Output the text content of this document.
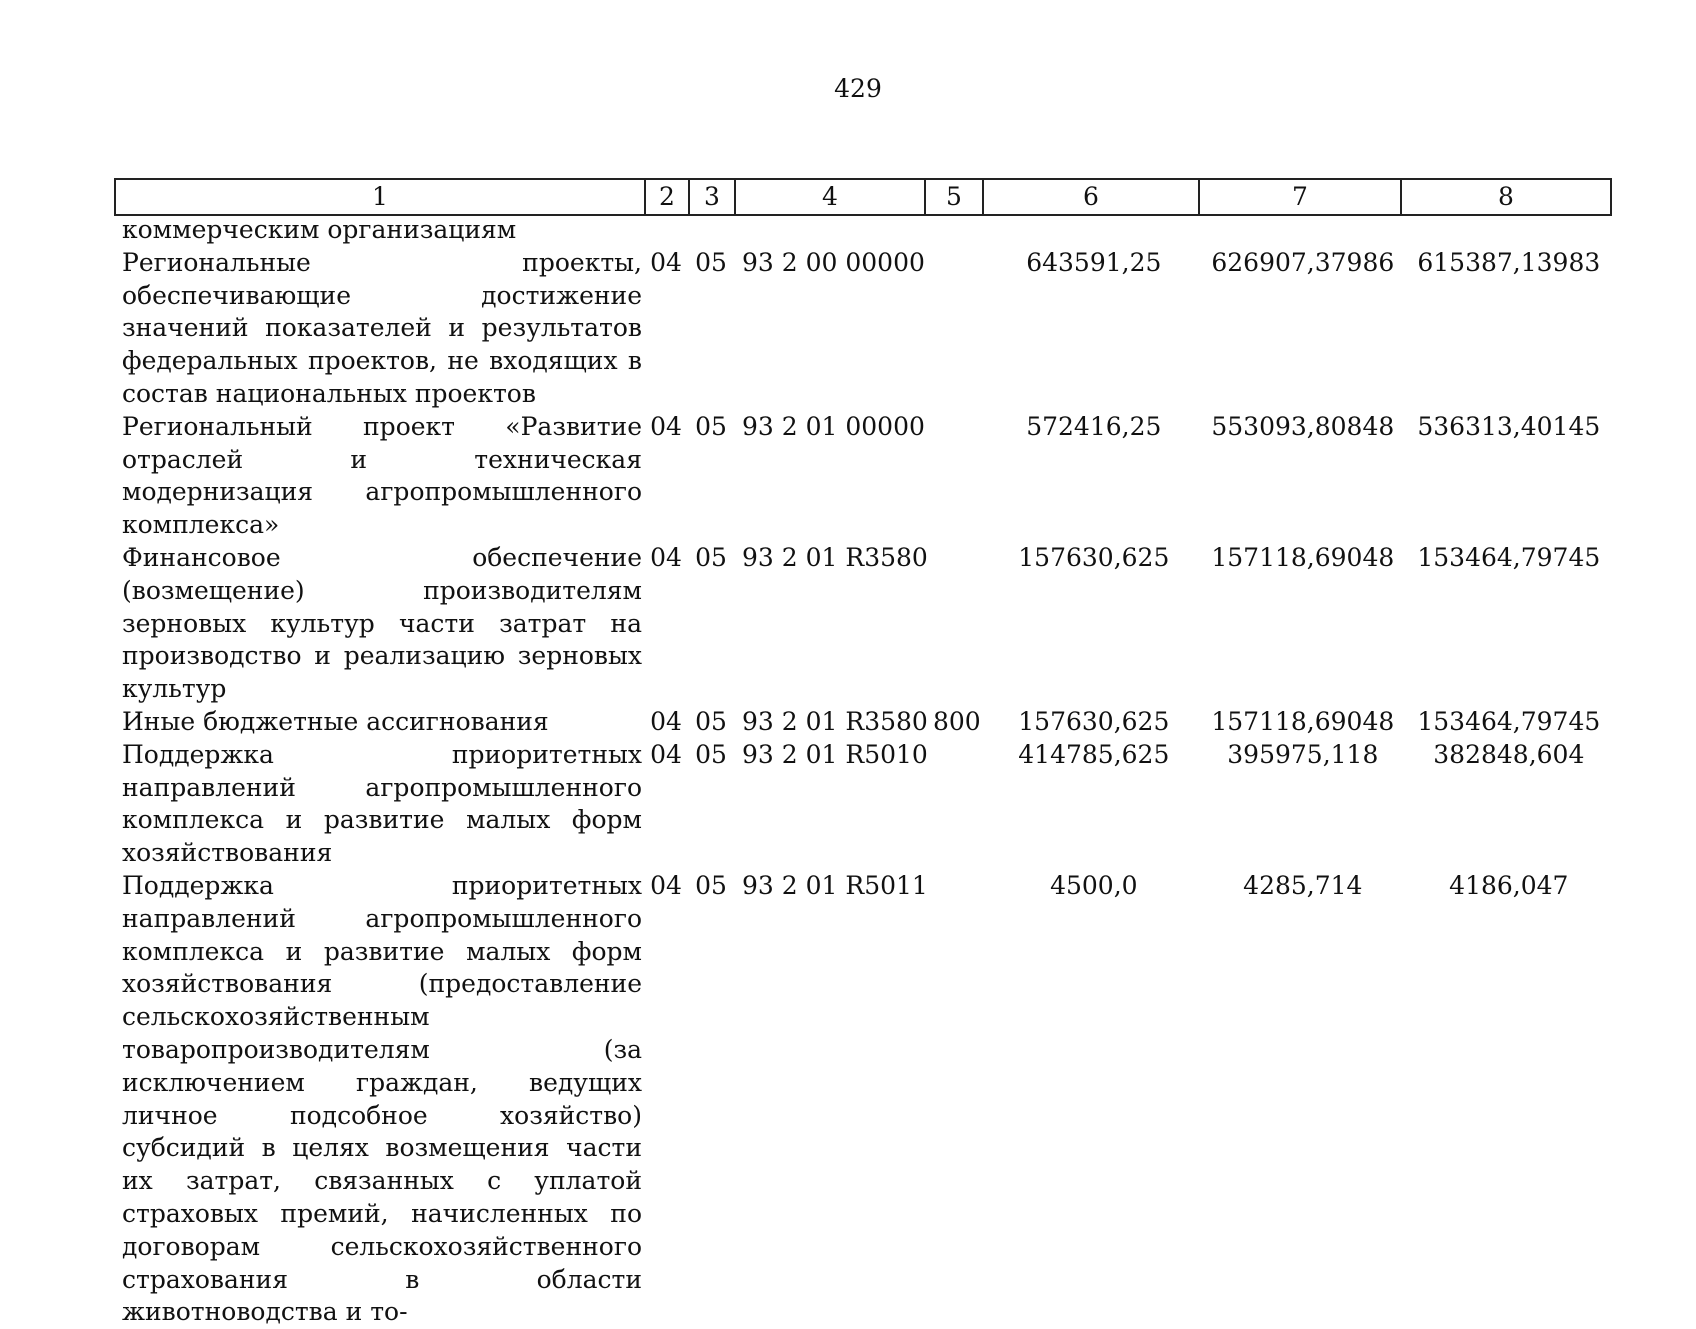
429
1	2	3	4	5	6	7	8
коммерческим организациям							
Региональные проекты, обеспечивающие достижение значений показателей и результатов федеральных проектов, не входящих в состав национальных проектов	04	05	93 2 00 00000		643591,25	626907,37986	615387,13983
Региональный проект «Развитие отраслей и техническая модернизация агропромышленного комплекса»	04	05	93 2 01 00000		572416,25	553093,80848	536313,40145
Финансовое обеспечение (возмещение) производителям зерновых культур части затрат на производство и реализацию зерновых культур	04	05	93 2 01 R3580		157630,625	157118,69048	153464,79745
Иные бюджетные ассигнования	04	05	93 2 01 R3580	800	157630,625	157118,69048	153464,79745
Поддержка приоритетных направлений агропромышленного комплекса и развитие малых форм хозяйствования	04	05	93 2 01 R5010		414785,625	395975,118	382848,604
Поддержка приоритетных направлений агропромышленного комплекса и развитие малых форм хозяйствования (предоставление сельскохозяйственным товаропроизводителям (за исключением граждан, ведущих личное подсобное хозяйство) субсидий в целях возмещения части их затрат, связанных с уплатой страховых премий, начисленных по договорам сельскохозяйственного страхования в области животноводства и то-	04	05	93 2 01 R5011		4500,0	4285,714	4186,047
